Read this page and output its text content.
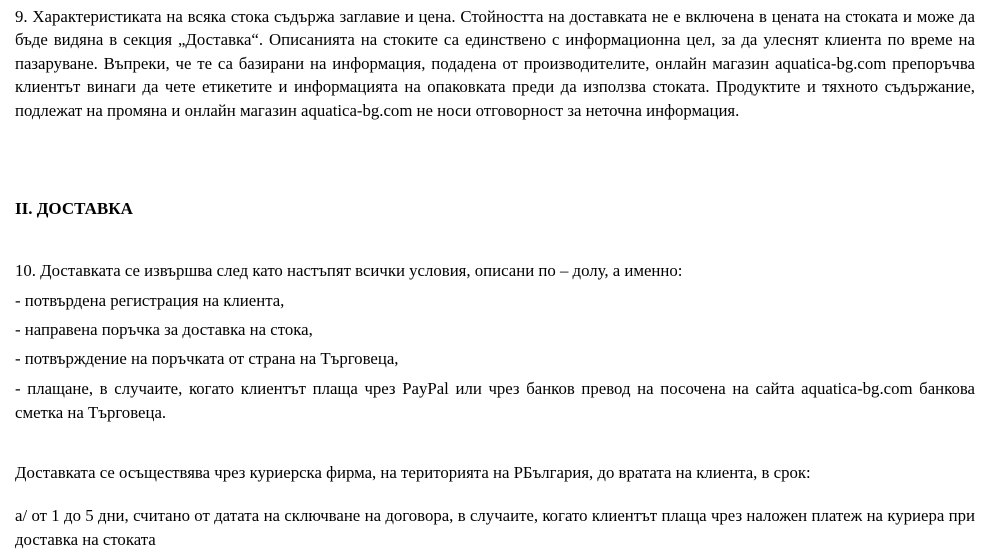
9. Характеристиката на всяка стока съдържа заглавие и цена. Стойността на доставката не е включена в цената на стоката и може да бъде видяна в секция „Доставка“. Описанията на стоките са единствено с информационна цел, за да улеснят клиента по време на пазаруване. Въпреки, че те са базирани на информация, подадена от производителите, онлайн магазин aquatica-bg.com препоръчва клиентът винаги да чете етикетите и информацията на опаковката преди да използва стоката. Продуктите и тяхното съдържание, подлежат на промяна и онлайн магазин aquatica-bg.com не носи отговорност за неточна информация.

II. ДОСТАВКА

10. Доставката се извършва след като настъпят всички условия, описани по – долу, а именно:

- потвърдена регистрация на клиента,

- направена поръчка за доставка на стока,

- потвърждение на поръчката от страна на Търговеца,

- плащане, в случаите, когато клиентът плаща чрез PayPal или чрез банков превод на посочена на сайта aquatica-bg.com банкова сметка на Търговеца.

Доставката се осъществява чрез куриерска фирма, на територията на РБългария, до вратата на клиента, в срок:

а/ от 1 до 5 дни, считано от датата на сключване на договора, в случаите, когато клиентът плаща чрез наложен платеж на куриера при доставка на стоката
